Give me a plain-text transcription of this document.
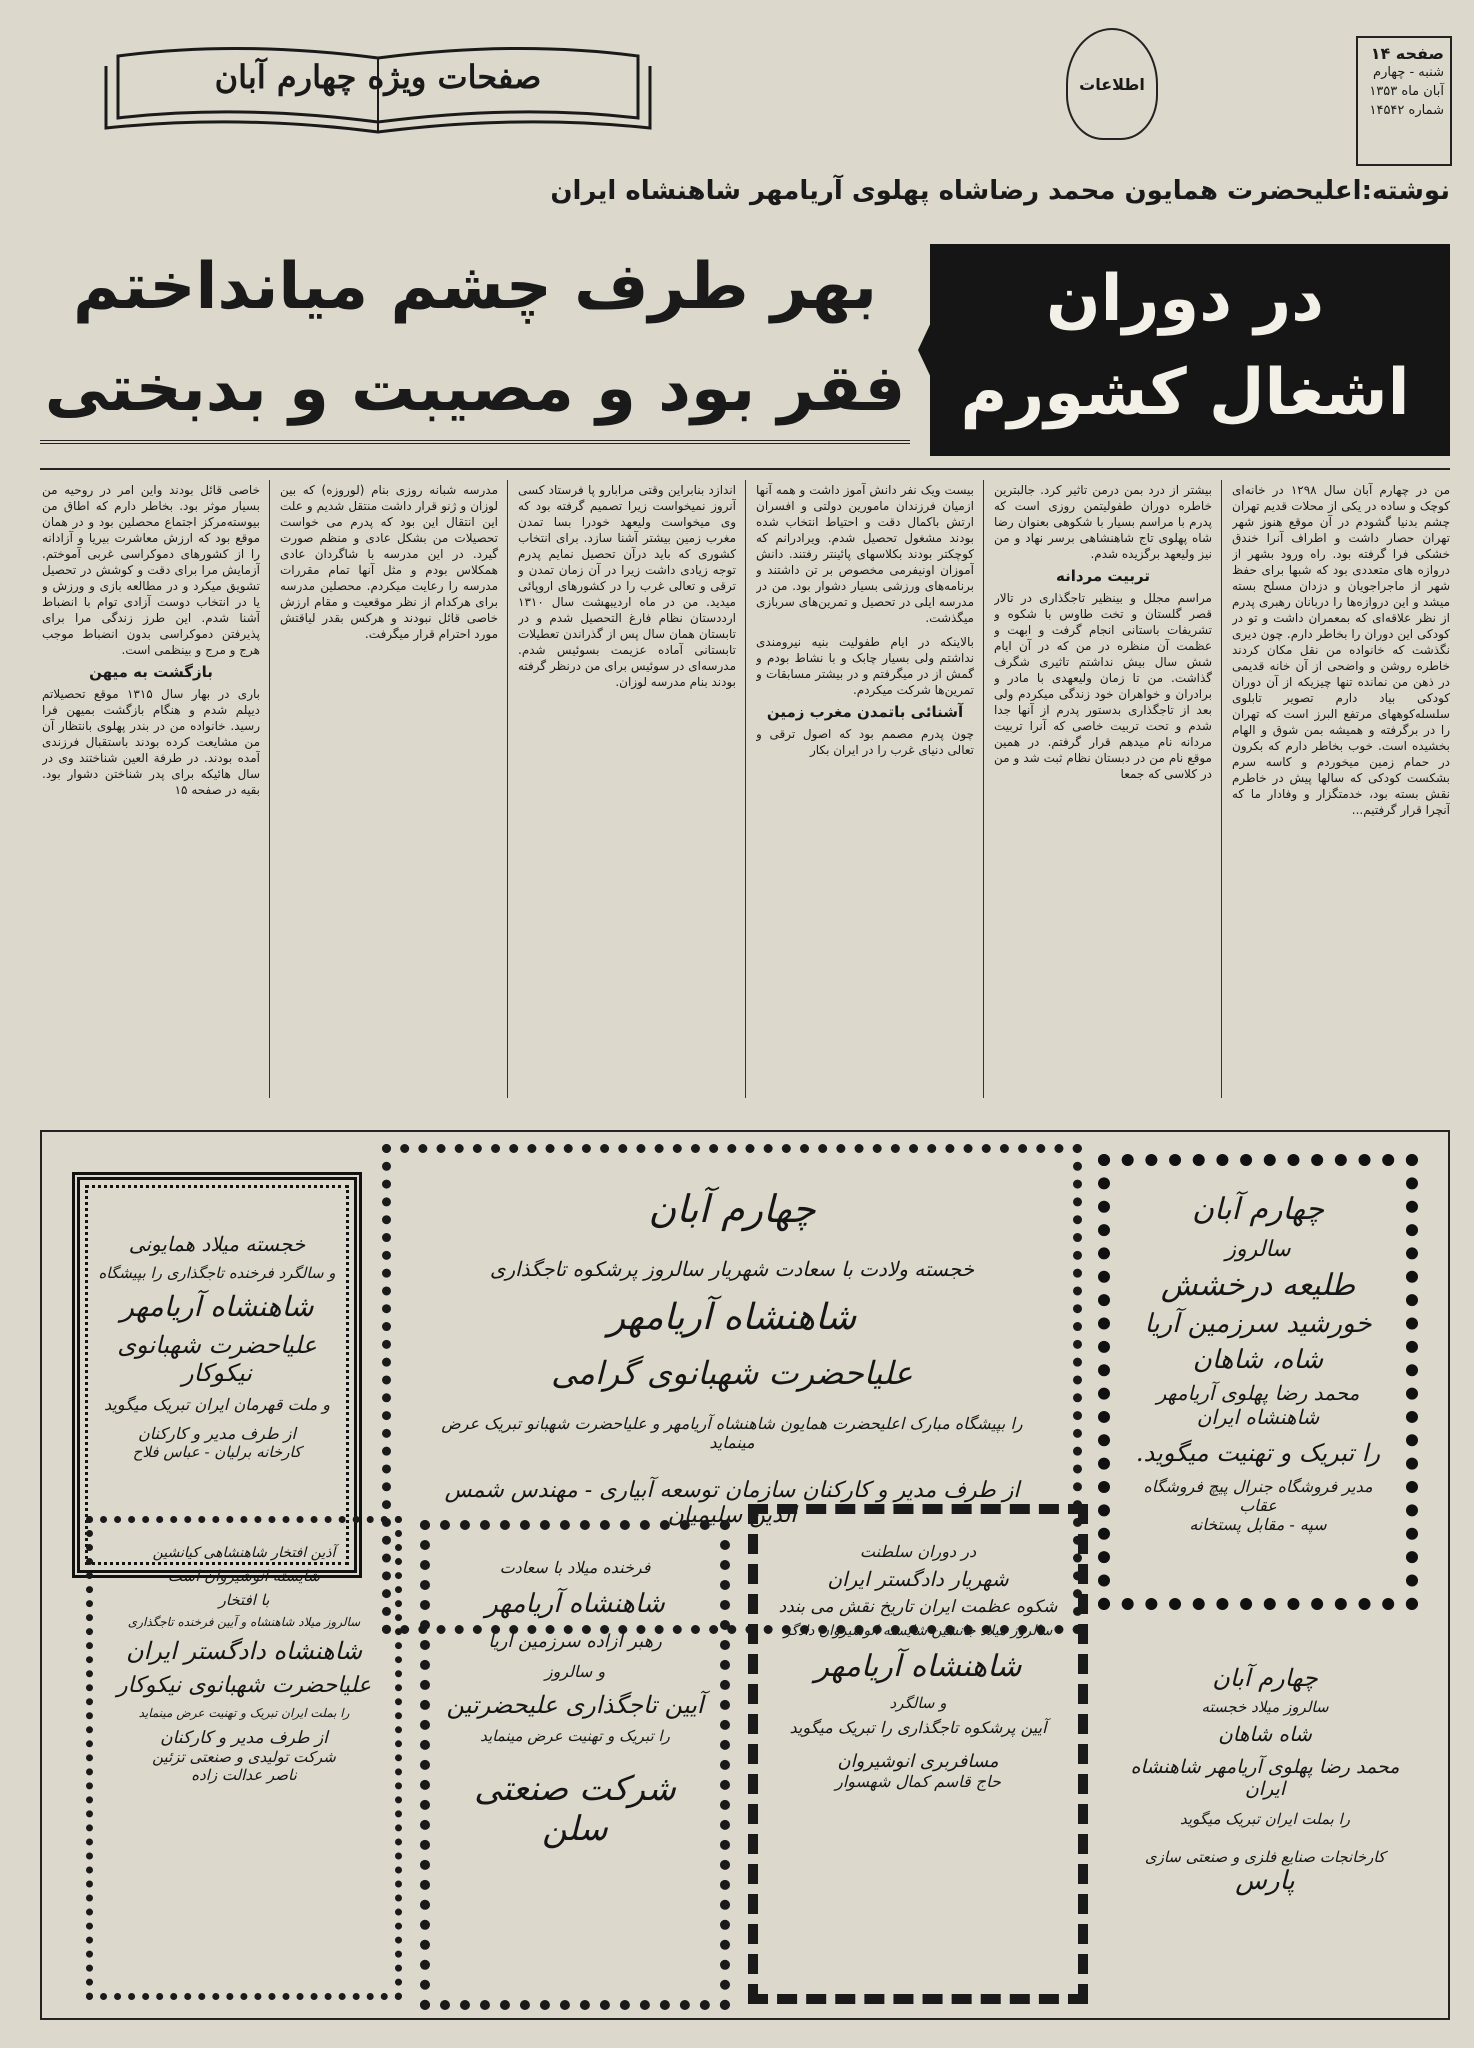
صفحه ۱۴
شنبه - چهارم
آبان ماه ۱۳۵۳
شماره ۱۴۵۴۲
اطلاعات
صفحات ویژه چهارم آبان
نوشته:اعلیحضرت همایون محمد رضاشاه پهلوی آریامهر شاهنشاه ایران
در دوران
اشغال کشورم
بهر طرف چشم میانداختم
فقر بود و مصیبت و بدبختی
من در چهارم آبان سال ۱۲۹۸ در خانه‌ای کوچک و ساده در یکی از محلات قدیم تهران چشم بدنیا گشودم در آن موقع هنوز شهر تهران حصار داشت و اطراف آنرا خندق خشکی فرا گرفته بود. راه ورود بشهر از دروازه های متعددی بود که شبها برای حفظ شهر از ماجراجویان و دزدان مسلح بسته میشد و این دروازه‌ها را دربانان رهبری پدرم از نظر علاقه‌ای که بمعمران داشت و تو در کودکی این دوران را بخاطر دارم. چون دیری نگذشت که خانواده من نقل مکان کردند خاطره روشن و واضحی از آن خانه قدیمی در ذهن من نمانده تنها چیزیکه از آن دوران کودکی بیاد دارم تصویر تابلوی سلسله‌کوههای مرتفع البرز است که تهران را در برگرفته و همیشه بمن شوق و الهام بخشیده است. خوب بخاطر دارم که بکرون در حمام زمین میخوردم و کاسه سرم بشکست کودکی که سالها پیش در خاطرم نقش بسته بود، خدمتگزار و وفادار ما که آنچرا قرار گرفتیم...
بیشتر از درد بمن درمن تاثیر کرد. جالبترین خاطره دوران طفولیتمن روزی است که پدرم با مراسم بسیار با شکوهی بعنوان رضا شاه پهلوی تاج شاهنشاهی برسر نهاد و من نیز ولیعهد برگزیده شدم.
تربیت مردانه
مراسم مجلل و بینظیر تاجگذاری در تالار قصر گلستان و تخت طاوس با شکوه و تشریفات باستانی انجام گرفت و ابهت و عظمت آن منظره در من که در آن ایام شش سال بیش نداشتم تاثیری شگرف گذاشت. من تا زمان ولیعهدی با مادر و برادران و خواهران خود زندگی میکردم ولی بعد از تاجگذاری بدستور پدرم از آنها جدا شدم و تحت تربیت خاصی که آنرا تربیت مردانه نام میدهم قرار گرفتم. در همین موقع نام من در دبستان نظام ثبت شد و من در کلاسی که جمعا
بیست ویک نفر دانش آموز داشت و همه آنها ازمیان فرزندان مامورین دولتی و افسران ارتش باکمال دقت و احتیاط انتخاب شده بودند مشغول تحصیل شدم. ویرادرانم که کوچکتر بودند بکلاسهای پائینتر رفتند. دانش آموزان اونیفرمی مخصوص بر تن داشتند و برنامه‌های ورزشی بسیار دشوار بود. من در مدرسه ایلی در تحصیل و تمرین‌های سربازی میگذشت.
بالاینکه در ایام طفولیت بنیه نیرومندی نداشتم ولی بسیار چابک و با نشاط بودم و گمش از در میگرفتم و در بیشتر مسابقات و تمرین‌ها شرکت میکردم.
آشنائی باتمدن مغرب زمین
چون پدرم مصمم بود که اصول ترقی و تعالی دنیای غرب را در ایران بکار
اندازد بنابراین وقتی مرابارو پا فرستاد کسی آنروز نمیخواست زیرا تصمیم گرفته بود که وی میخواست ولیعهد خودرا بسا تمدن مغرب زمین بیشتر آشنا سازد. برای انتخاب کشوری که باید درآن تحصیل نمایم پدرم توجه زیادی داشت زیرا در آن زمان تمدن و ترقی و تعالی غرب را در کشورهای اروپائی میدید. من در ماه اردیبهشت سال ۱۳۱۰ ارددستان نظام فارغ التحصیل شدم و در تابستان همان سال پس از گذراندن تعطیلات تابستانی آماده عزیمت بسوئیس شدم. مدرسه‌ای در سوئیس برای من درنظر گرفته بودند بنام مدرسه لوزان.
مدرسه شبانه روزی بنام (لوروزه) که بین لوزان و ژنو قرار داشت منتقل شدیم و علت این انتقال این بود که پدرم می خواست تحصیلات من بشکل عادی و منظم صورت گیرد. در این مدرسه با شاگردان عادی همکلاس بودم و مثل آنها تمام مقررات مدرسه را رعایت میکردم. محصلین مدرسه برای هرکدام از نظر موقعیت و مقام ارزش خاصی قائل نبودند و هرکس بقدر لیاقتش مورد احترام قرار میگرفت.
خاصی قائل بودند واین امر در روحیه من بسیار موثر بود. بخاطر دارم که اطاق من بیوسته‌مرکز اجتماع محصلین بود و در همان موقع بود که ارزش معاشرت بیریا و آزادانه را از کشورهای دموکراسی غربی آموختم. آزمایش مرا برای دقت و کوشش در تحصیل تشویق میکرد و در مطالعه بازی و ورزش و یا در انتخاب دوست آزادی توام با انضباط آشنا شدم. این طرز زندگی مرا برای پذیرفتن دموکراسی بدون انضباط موجب هرج و مرج و بینظمی است.
بازگشت به میهن
باری در بهار سال ۱۳۱۵ موقع تحصیلاتم دیپلم شدم و هنگام بازگشت بمیهن فرا رسید. خانواده من در بندر پهلوی بانتظار آن من مشایعت کرده بودند باستقبال فرزندی آمده بودند. در طرفة العین شناختند وی در سال هائیکه برای پدر شناختن دشوار بود. بقیه در صفحه ۱۵
چهارم آبان
سالروز
طلیعه درخشش
خورشید سرزمین آریا
شاه، شاهان
محمد رضا پهلوی آریامهر شاهنشاه ایران
را تبریک و تهنیت میگوید.
مدیر فروشگاه جنرال پیچ فروشگاه عقاب
سپه - مقابل پستخانه
چهارم آبان
خجسته ولادت با سعادت شهریار سالروز پرشکوه تاجگذاری
شاهنشاه آریامهر
علیاحضرت شهبانوی گرامی
را بپیشگاه مبارک اعلیحضرت همایون شاهنشاه آریامهر و علیاحضرت شهبانو تبریک عرض مینماید
از طرف مدیر و کارکنان سازمان توسعه آبیاری - مهندس شمس الدین سلیمیان
خجسته میلاد همایونی
و سالگرد فرخنده تاجگذاری را بپیشگاه
شاهنشاه آریامهر
علیاحضرت شهبانوی نیکوکار
و ملت قهرمان ایران تبریک میگوید
از طرف مدیر و کارکنان
کارخانه برلیان - عباس فلاح
چهارم آبان
سالروز میلاد خجسته
شاه شاهان
محمد رضا پهلوی آریامهر شاهنشاه ایران
را بملت ایران تبریک میگوید
کارخانجات صنایع فلزی و صنعتی سازی
پارس
در دوران سلطنت
شهریار دادگستر ایران
شکوه عظمت ایران تاریخ نقش می بندد
سالروز میلاد جانشین شایسته انوشیروان دادگر
شاهنشاه آریامهر
و سالگرد
آیین پرشکوه تاجگذاری را تبریک میگوید
مسافربری انوشیروان
حاج قاسم کمال شهسوار
فرخنده میلاد با سعادت
شاهنشاه آریامهر
رهبر آزاده سرزمین آریا
و سالروز
آیین تاجگذاری علیحضرتین
را تبریک و تهنیت عرض مینماید
شرکت صنعتی سلن
آذین افتخار شاهنشاهی کیانشین
شایسته انوشیروان است
با افتخار
سالروز میلاد شاهنشاه و آیین فرخنده تاجگذاری
شاهنشاه دادگستر ایران
علیاحضرت شهبانوی نیکوکار
را بملت ایران تبریک و تهنیت عرض مینماید
از طرف مدیر و کارکنان
شرکت تولیدی و صنعتی تزئین
ناصر عدالت زاده
